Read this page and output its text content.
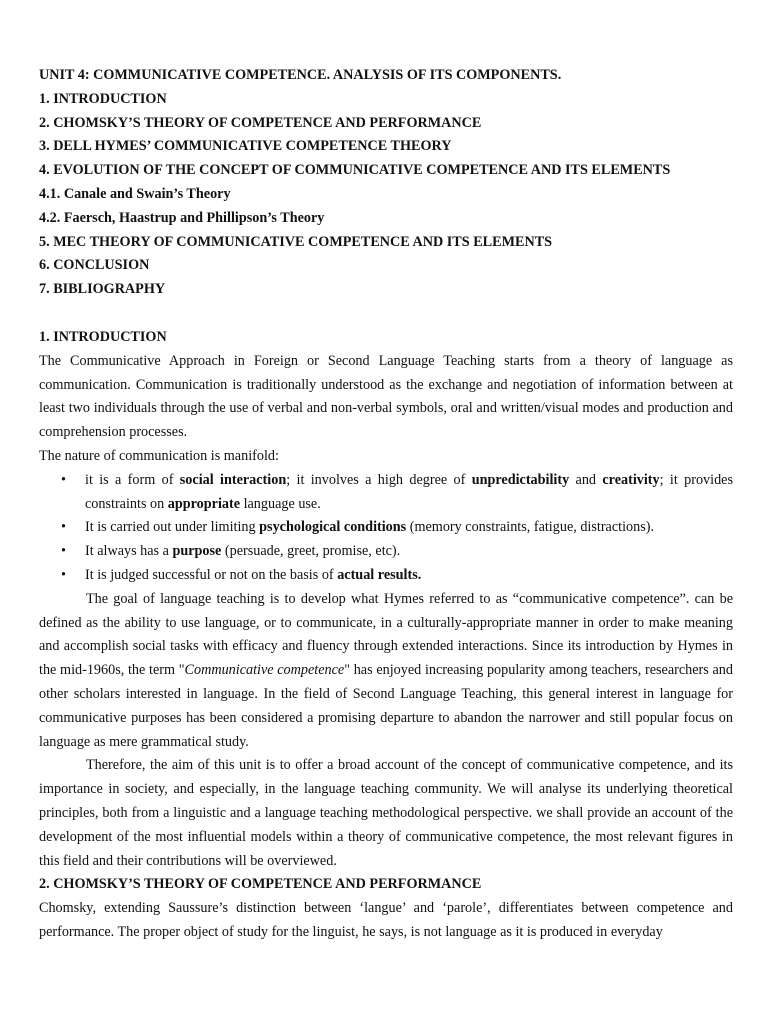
UNIT 4: COMMUNICATIVE COMPETENCE. ANALYSIS OF ITS COMPONENTS.

1. INTRODUCTION

2. CHOMSKY’S THEORY OF COMPETENCE AND PERFORMANCE

3. DELL HYMES’ COMMUNICATIVE COMPETENCE THEORY

4. EVOLUTION OF THE CONCEPT OF COMMUNICATIVE COMPETENCE AND ITS ELEMENTS

4.1. Canale and Swain’s Theory

4.2. Faersch, Haastrup and Phillipson’s Theory

5. MEC THEORY OF COMMUNICATIVE COMPETENCE AND ITS ELEMENTS

6. CONCLUSION

7. BIBLIOGRAPHY

1. INTRODUCTION

The Communicative Approach in Foreign or Second Language Teaching starts from a theory of language as communication. Communication is traditionally understood as the exchange and negotiation of information between at least two individuals through the use of verbal and non-verbal symbols, oral and written/visual modes and production and comprehension processes.

The nature of communication is manifold:

• it is a form of social interaction; it involves a high degree of unpredictability and creativity; it provides constraints on appropriate language use.
• It is carried out under limiting psychological conditions (memory constraints, fatigue, distractions).
• It always has a purpose (persuade, greet, promise, etc).
• It is judged successful or not on the basis of actual results.

The goal of language teaching is to develop what Hymes referred to as “communicative competence”. can be defined as the ability to use language, or to communicate, in a culturally-appropriate manner in order to make meaning and accomplish social tasks with efficacy and fluency through extended interactions. Since its introduction by Hymes in the mid-1960s, the term "Communicative competence" has enjoyed increasing popularity among teachers, researchers and other scholars interested in language. In the field of Second Language Teaching, this general interest in language for communicative purposes has been considered a promising departure to abandon the narrower and still popular focus on language as mere grammatical study.

Therefore, the aim of this unit is to offer a broad account of the concept of communicative competence, and its importance in society, and especially, in the language teaching community. We will analyse its underlying theoretical principles, both from a linguistic and a language teaching methodological perspective. we shall provide an account of the development of the most influential models within a theory of communicative competence, the most relevant figures in this field and their contributions will be overviewed.

2. CHOMSKY’S THEORY OF COMPETENCE AND PERFORMANCE

Chomsky, extending Saussure’s distinction between ‘langue’ and ‘parole’, differentiates between competence and performance. The proper object of study for the linguist, he says, is not language as it is produced in everyday
